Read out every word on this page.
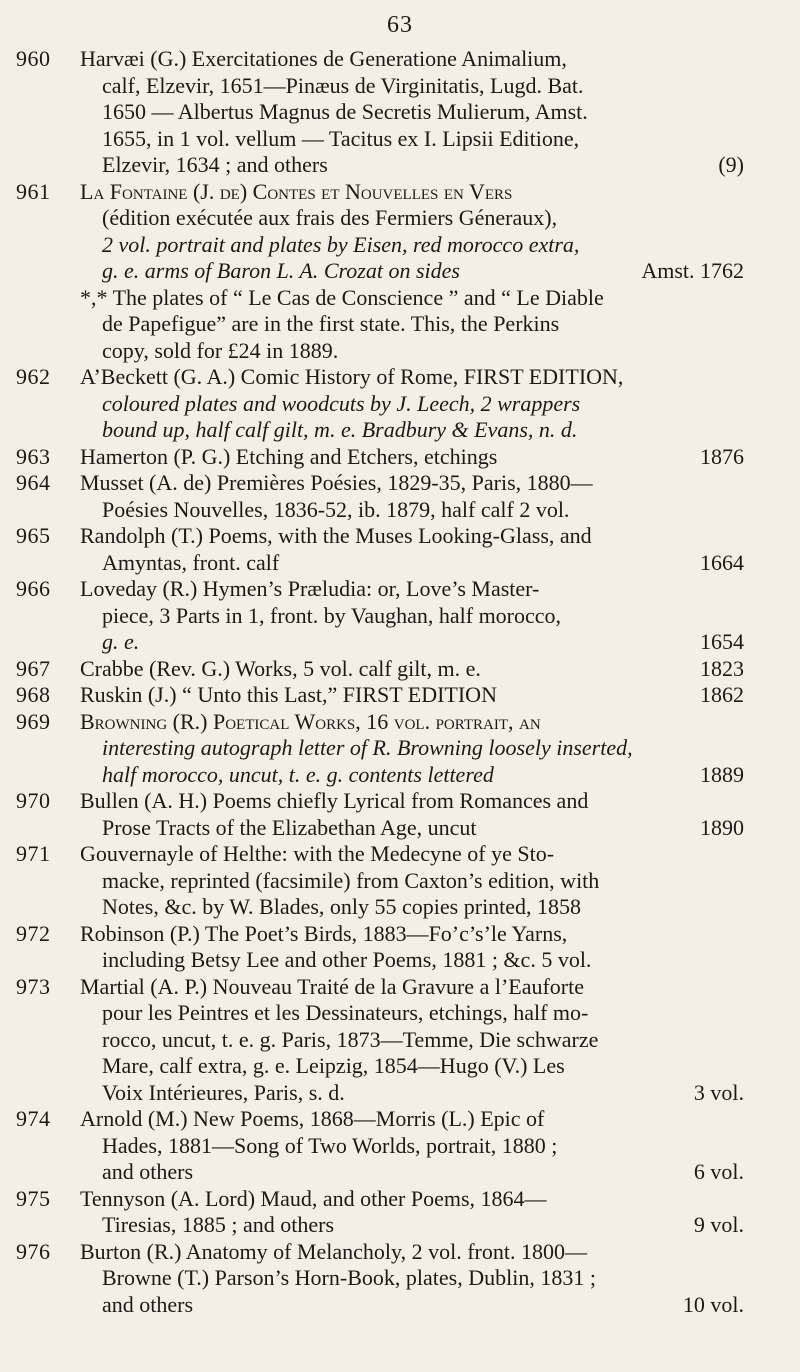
63
960	Harvæi (G.) Exercitationes de Generatione Animalium,
calf, Elzevir, 1651—Pinæus de Virginitatis, Lugd. Bat.
1650 — Albertus Magnus de Secretis Mulierum, Amst.
1655, in 1 vol. vellum — Tacitus ex I. Lipsii Editione,
Elzevir, 1634 ; and others	(9)
961	La Fontaine (J. de) Contes et Nouvelles en Vers
(édition exécutée aux frais des Fermiers Géneraux),
2 vol. portrait and plates by Eisen, red morocco extra,
g. e. arms of Baron L. A. Crozat on sides	Amst. 1762
*,* The plates of “ Le Cas de Conscience ” and “ Le Diable
de Papefigue” are in the first state. This, the Perkins
copy, sold for £24 in 1889.
962	A’Beckett (G. A.) Comic History of Rome, FIRST EDITION,
coloured plates and woodcuts by J. Leech, 2 wrappers
bound up, half calf gilt, m. e. Bradbury & Evans, n. d.
963	Hamerton (P. G.) Etching and Etchers, etchings	1876
964	Musset (A. de) Premières Poésies, 1829-35, Paris, 1880—
Poésies Nouvelles, 1836-52, ib. 1879, half calf 2 vol.
965	Randolph (T.) Poems, with the Muses Looking-Glass, and
Amyntas, front. calf	1664
966	Loveday (R.) Hymen’s Præludia: or, Love’s Master-
piece, 3 Parts in 1, front. by Vaughan, half morocco,
g. e.	1654
967	Crabbe (Rev. G.) Works, 5 vol. calf gilt, m. e.	1823
968	Ruskin (J.) “ Unto this Last,” FIRST EDITION	1862
969	Browning (R.) Poetical Works, 16 vol. portrait, an
interesting autograph letter of R. Browning loosely inserted,
half morocco, uncut, t. e. g. contents lettered	1889
970	Bullen (A. H.) Poems chiefly Lyrical from Romances and
Prose Tracts of the Elizabethan Age, uncut	1890
971	Gouvernayle of Helthe: with the Medecyne of ye Sto-
macke, reprinted (facsimile) from Caxton’s edition, with
Notes, &c. by W. Blades, only 55 copies printed, 1858
972	Robinson (P.) The Poet’s Birds, 1883—Fo’c’s’le Yarns,
including Betsy Lee and other Poems, 1881 ; &c. 5 vol.
973	Martial (A. P.) Nouveau Traité de la Gravure a l’Eauforte
pour les Peintres et les Dessinateurs, etchings, half mo-
rocco, uncut, t. e. g. Paris, 1873—Temme, Die schwarze
Mare, calf extra, g. e. Leipzig, 1854—Hugo (V.) Les
Voix Intérieures, Paris, s. d.	3 vol.
974	Arnold (M.) New Poems, 1868—Morris (L.) Epic of
Hades, 1881—Song of Two Worlds, portrait, 1880 ;
and others	6 vol.
975	Tennyson (A. Lord) Maud, and other Poems, 1864—
Tiresias, 1885 ; and others	9 vol.
976	Burton (R.) Anatomy of Melancholy, 2 vol. front. 1800—
Browne (T.) Parson’s Horn-Book, plates, Dublin, 1831 ;
and others	10 vol.
